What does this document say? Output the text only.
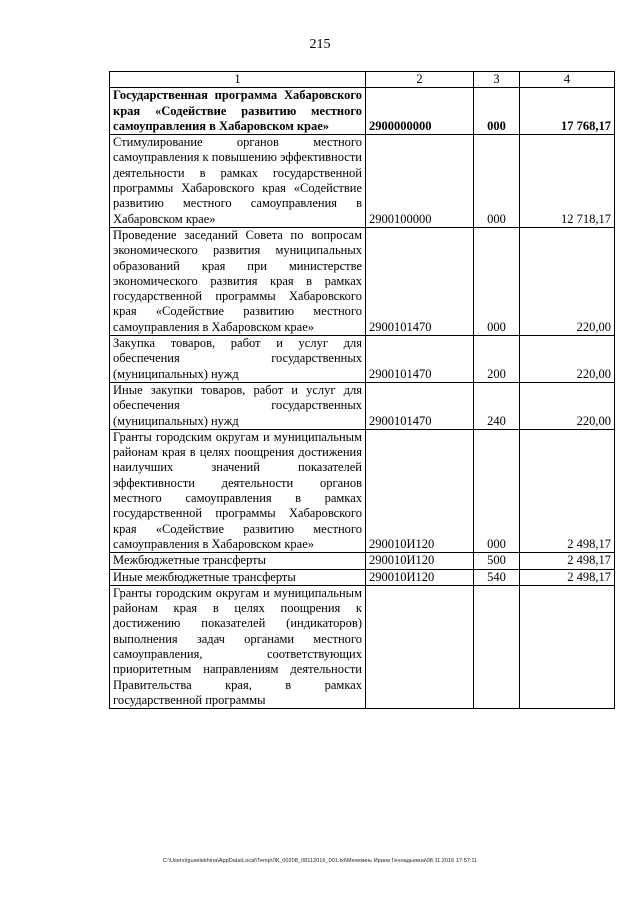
215
1	2	3	4
Государственная программа Хабаровского края «Содействие развитию местного самоуправления в Хабаровском крае»	2900000000	000	17 768,17
Стимулирование органов местного самоуправления к повышению эффективности деятельности в рамках государственной программы Хабаровского края «Содействие развитию местного самоуправления в Хабаровском крае»	2900100000	000	12 718,17
Проведение заседаний Совета по вопросам экономического развития муниципальных образований края при министерстве экономического развития края в рамках государственной программы Хабаровского края «Содействие развитию местного самоуправления в Хабаровском крае»	2900101470	000	220,00
Закупка товаров, работ и услуг для обеспечения государственных (муниципальных) нужд	2900101470	200	220,00
Иные закупки товаров, работ и услуг для обеспечения государственных (муниципальных) нужд	2900101470	240	220,00
Гранты городским округам и муниципальным районам края в целях поощрения достижения наилучших значений показателей эффективности деятельности органов местного самоуправления в рамках государственной программы Хабаровского края «Содействие развитию местного самоуправления в Хабаровском крае»	290010И120	000	2 498,17
Межбюджетные трансферты	290010И120	500	2 498,17
Иные межбюджетные трансферты	290010И120	540	2 498,17
Гранты городским округам и муниципальным районам края в целях поощрения к достижению показателей (индикаторов) выполнения задач органами местного самоуправления, соответствующих приоритетным направлениям деятельности Правительства края, в рамках государственной программы			
C:\Users\iguselekhina\AppData\Local\Temp\ЛК_00208_08112016_001.txt\Мехекинь Ирина Геннадьевна\08.11.2016 17:57:11
